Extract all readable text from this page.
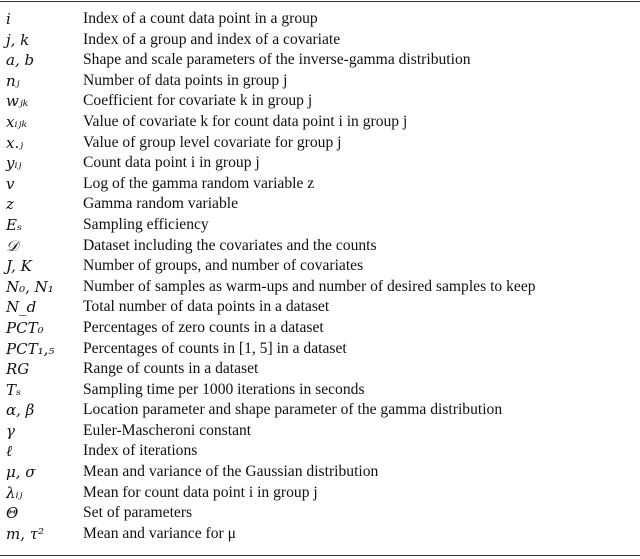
i	Index of a count data point in a group
j, k	Index of a group and index of a covariate
a, b	Shape and scale parameters of the inverse-gamma distribution
nⱼ	Number of data points in group j
wⱼₖ	Coefficient for covariate k in group j
xᵢⱼₖ	Value of covariate k for count data point i in group j
x.ⱼ	Value of group level covariate for group j
yᵢⱼ	Count data point i in group j
v	Log of the gamma random variable z
z	Gamma random variable
Eₛ	Sampling efficiency
𝒟	Dataset including the covariates and the counts
J, K	Number of groups, and number of covariates
N₀, N₁	Number of samples as warm-ups and number of desired samples to keep
N_d	Total number of data points in a dataset
PCT₀	Percentages of zero counts in a dataset
PCT₁,₅	Percentages of counts in [1, 5] in a dataset
RG	Range of counts in a dataset
Tₛ	Sampling time per 1000 iterations in seconds
α, β	Location parameter and shape parameter of the gamma distribution
γ	Euler-Mascheroni constant
ℓ	Index of iterations
μ, σ	Mean and variance of the Gaussian distribution
λᵢⱼ	Mean for count data point i in group j
Θ	Set of parameters
m, τ²	Mean and variance for μ
